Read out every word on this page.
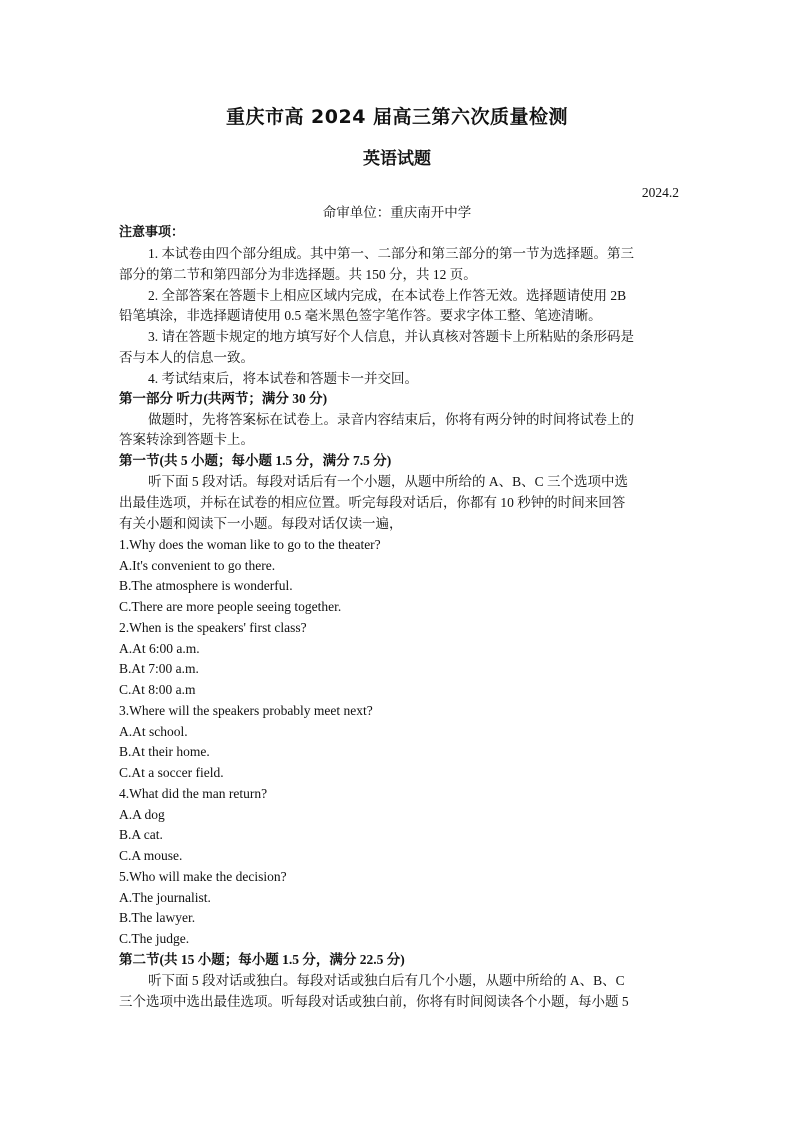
重庆市高 2024 届高三第六次质量检测
英语试题
2024.2
命审单位：重庆南开中学
注意事项：
1. 本试卷由四个部分组成。其中第一、二部分和第三部分的第一节为选择题。第三
部分的第二节和第四部分为非选择题。共 150 分，共 12 页。
2. 全部答案在答题卡上相应区域内完成，在本试卷上作答无效。选择题请使用 2B
铅笔填涂，非选择题请使用 0.5 毫米黑色签字笔作答。要求字体工整、笔迹清晰。
3. 请在答题卡规定的地方填写好个人信息，并认真核对答题卡上所粘贴的条形码是
否与本人的信息一致。
4. 考试结束后，将本试卷和答题卡一并交回。
第一部分 听力(共两节；满分 30 分)
做题时，先将答案标在试卷上。录音内容结束后，你将有两分钟的时间将试卷上的
答案转涂到答题卡上。
第一节(共 5 小题；每小题 1.5 分，满分 7.5 分)
听下面 5 段对话。每段对话后有一个小题，从题中所给的 A、B、C 三个选项中选
出最佳选项，并标在试卷的相应位置。听完每段对话后，你都有 10 秒钟的时间来回答
有关小题和阅读下一小题。每段对话仅读一遍，
1.Why does the woman like to go to the theater?
A.It's convenient to go there.
B.The atmosphere is wonderful.
C.There are more people seeing together.
2.When is the speakers' first class?
A.At 6:00 a.m.
B.At 7:00 a.m.
C.At 8:00 a.m
3.Where will the speakers probably meet next?
A.At school.
B.At their home.
C.At a soccer field.
4.What did the man return?
A.A dog
B.A cat.
C.A mouse.
5.Who will make the decision?
A.The journalist.
B.The lawyer.
C.The judge.
第二节(共 15 小题；每小题 1.5 分，满分 22.5 分)
听下面 5 段对话或独白。每段对话或独白后有几个小题，从题中所给的 A、B、C
三个选项中选出最佳选项。听每段对话或独白前，你将有时间阅读各个小题，每小题 5
